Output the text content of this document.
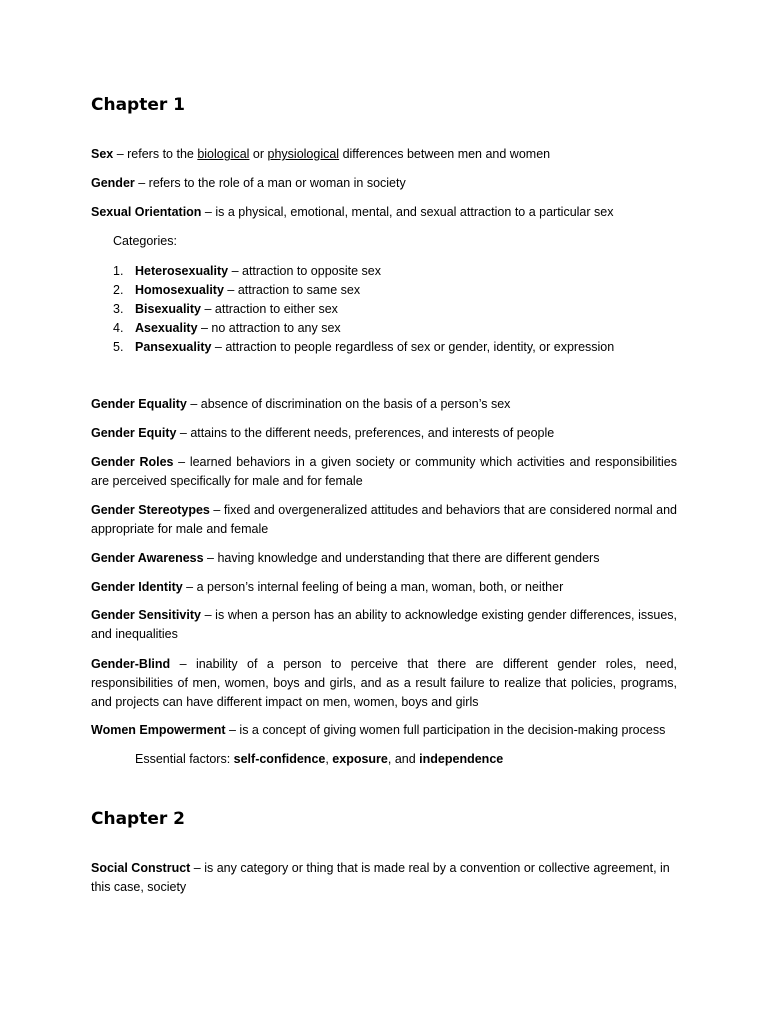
Chapter 1

Sex – refers to the biological or physiological differences between men and women

Gender – refers to the role of a man or woman in society

Sexual Orientation – is a physical, emotional, mental, and sexual attraction to a particular sex

Categories:

1. Heterosexuality – attraction to opposite sex
2. Homosexuality – attraction to same sex
3. Bisexuality – attraction to either sex
4. Asexuality – no attraction to any sex
5. Pansexuality – attraction to people regardless of sex or gender, identity, or expression

Gender Equality – absence of discrimination on the basis of a person’s sex

Gender Equity – attains to the different needs, preferences, and interests of people

Gender Roles – learned behaviors in a given society or community which activities and responsibilities are perceived specifically for male and for female

Gender Stereotypes – fixed and overgeneralized attitudes and behaviors that are considered normal and appropriate for male and female

Gender Awareness – having knowledge and understanding that there are different genders

Gender Identity – a person’s internal feeling of being a man, woman, both, or neither

Gender Sensitivity – is when a person has an ability to acknowledge existing gender differences, issues, and inequalities

Gender-Blind – inability of a person to perceive that there are different gender roles, need, responsibilities of men, women, boys and girls, and as a result failure to realize that policies, programs, and projects can have different impact on men, women, boys and girls

Women Empowerment – is a concept of giving women full participation in the decision-making process

Essential factors: self-confidence, exposure, and independence

Chapter 2

Social Construct – is any category or thing that is made real by a convention or collective agreement, in this case, society
